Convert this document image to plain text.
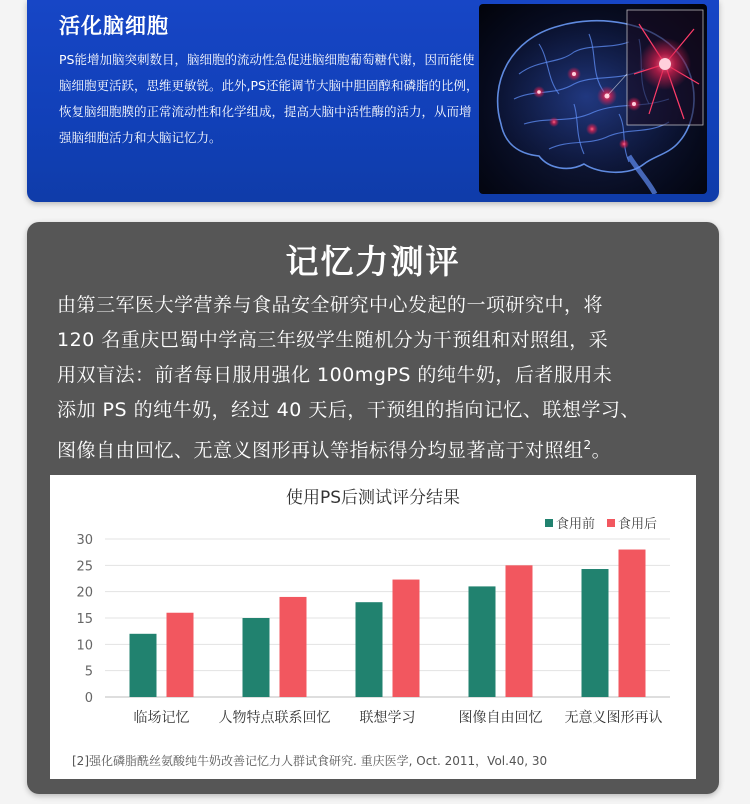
活化脑细胞
PS能增加脑突刺数目，脑细胞的流动性急促进脑细胞葡萄糖代谢，因而能使脑细胞更活跃，思维更敏锐。此外,PS还能调节大脑中胆固醇和磷脂的比例，恢复脑细胞膜的正常流动性和化学组成，提高大脑中活性酶的活力，从而增强脑细胞活力和大脑记忆力。
记忆力测评
由第三军医大学营养与食品安全研究中心发起的一项研究中，将
120 名重庆巴蜀中学高三年级学生随机分为干预组和对照组，采
用双盲法：前者每日服用强化 100mgPS 的纯牛奶，后者服用未
添加 PS 的纯牛奶，经过 40 天后，干预组的指向记忆、联想学习、
图像自由回忆、无意义图形再认等指标得分均显著高于对照组$^2$。
使用PS后测试评分结果
0
5
10
15
20
25
30
临场记忆 人物特点联系回忆 联想学习	图像自由回忆 无意义图形再认
食用前 食用后
[2]强化磷脂酰丝氨酸纯牛奶改善记忆力人群试食研究. 重庆医学, Oct. 2011，Vol.40, 30
